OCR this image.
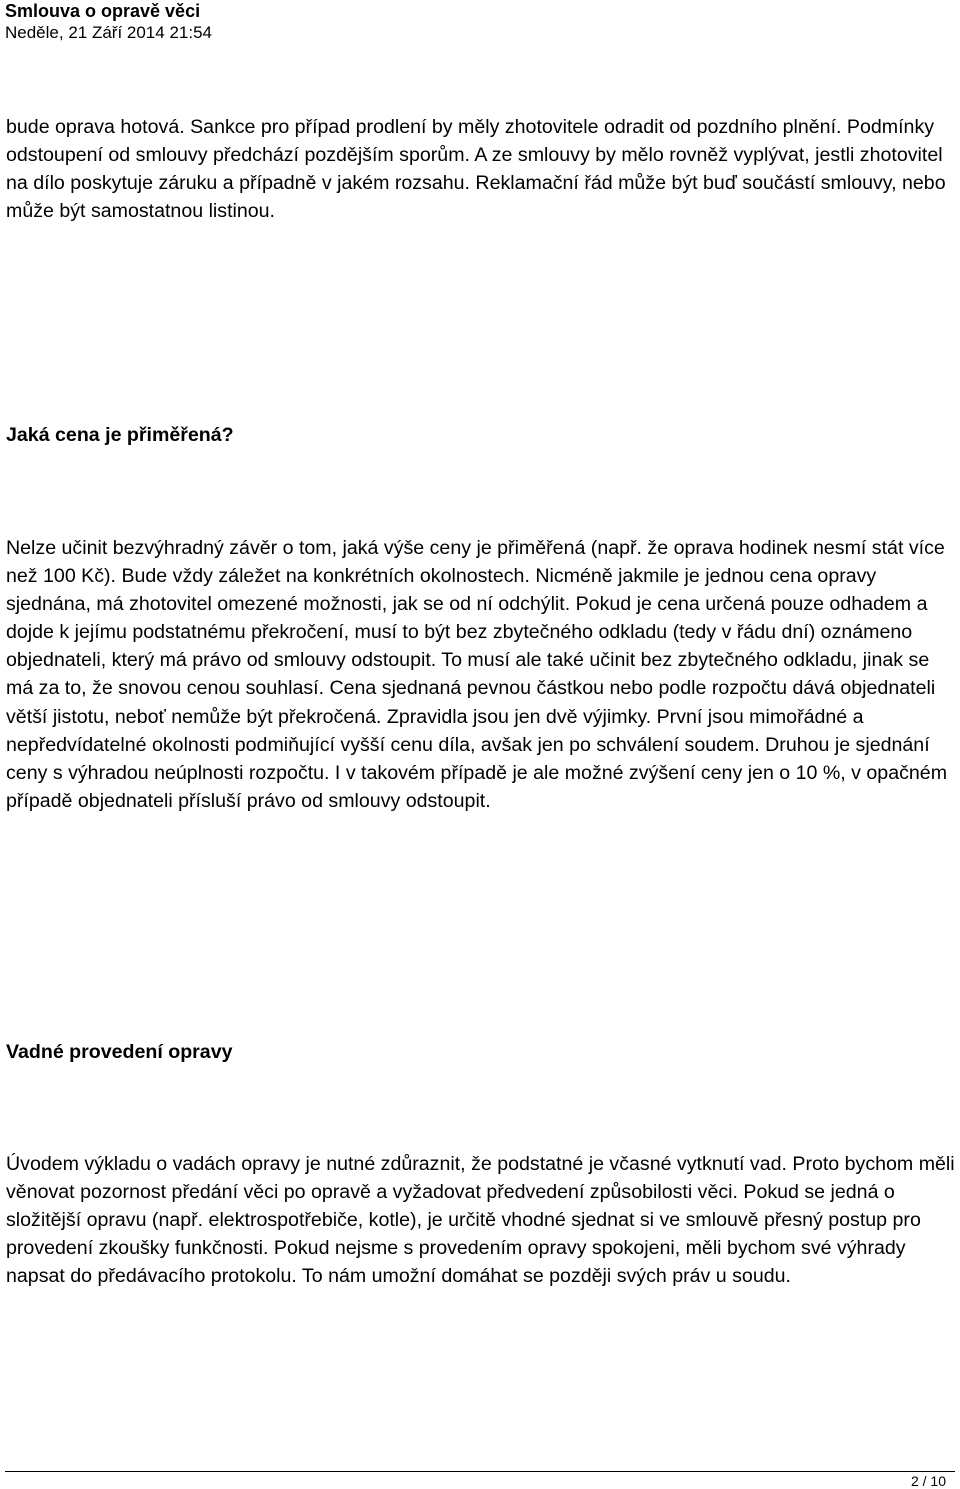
Smlouva o opravě věci
Neděle, 21 Září 2014 21:54
bude oprava hotová. Sankce pro případ prodlení by měly zhotovitele odradit od pozdního plnění. Podmínky odstoupení od smlouvy předchází pozdějším sporům. A ze smlouvy by mělo rovněž vyplývat, jestli zhotovitel na dílo poskytuje záruku a případně v jakém rozsahu. Reklamační řád může být buď součástí smlouvy, nebo může být samostatnou listinou.
Jaká cena je přiměřená?
Nelze učinit bezvýhradný závěr o tom, jaká výše ceny je přiměřená (např. že oprava hodinek nesmí stát více než 100 Kč). Bude vždy záležet na konkrétních okolnostech. Nicméně jakmile je jednou cena opravy sjednána, má zhotovitel omezené možnosti, jak se od ní odchýlit. Pokud je cena určená pouze odhadem a dojde k jejímu podstatnému překročení, musí to být bez zbytečného odkladu (tedy v řádu dní) oznámeno objednateli, který má právo od smlouvy odstoupit. To musí ale také učinit bez zbytečného odkladu, jinak se má za to, že snovou cenou souhlasí. Cena sjednaná pevnou částkou nebo podle rozpočtu dává objednateli větší jistotu, neboť nemůže být překročená. Zpravidla jsou jen dvě výjimky. První jsou mimořádné a nepředvídatelné okolnosti podmiňující vyšší cenu díla, avšak jen po schválení soudem. Druhou je sjednání ceny s výhradou neúplnosti rozpočtu. I v takovém případě je ale možné zvýšení ceny jen o 10 %, v opačném případě objednateli přísluší právo od smlouvy odstoupit.
Vadné provedení opravy
Úvodem výkladu o vadách opravy je nutné zdůraznit, že podstatné je včasné vytknutí vad. Proto bychom měli věnovat pozornost předání věci po opravě a vyžadovat předvedení způsobilosti věci. Pokud se jedná o složitější opravu (např. elektrospotřebiče, kotle), je určitě vhodné sjednat si ve smlouvě přesný postup pro provedení zkoušky funkčnosti. Pokud nejsme s provedením opravy spokojeni, měli bychom své výhrady napsat do předávacího protokolu. To nám umožní domáhat se později svých práv u soudu.
2 / 10
